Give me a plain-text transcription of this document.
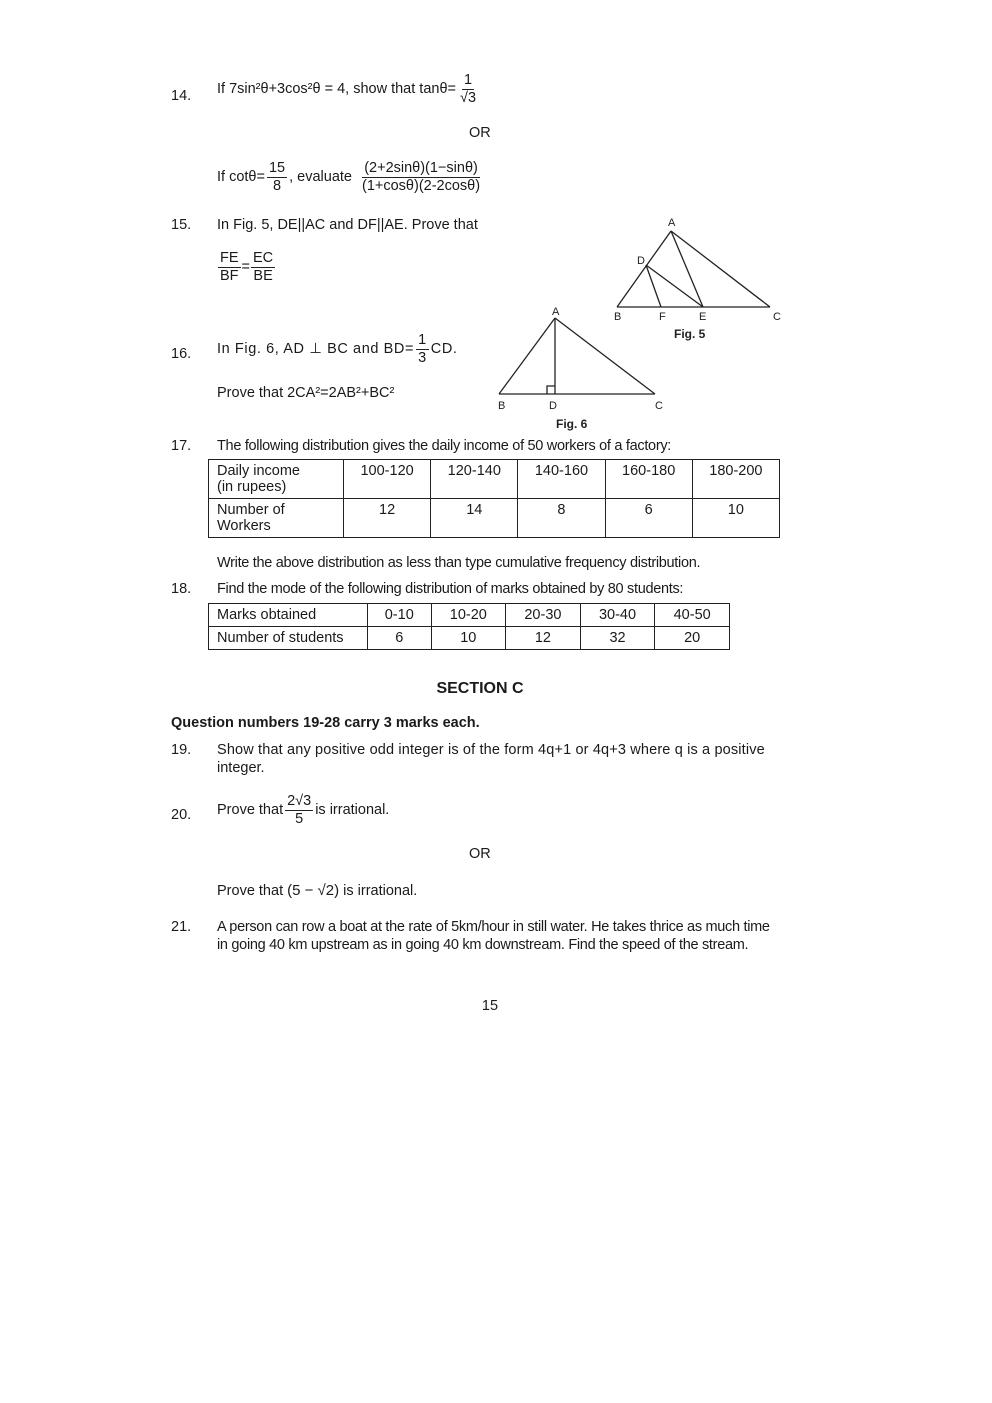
14. If 7sin²θ+3cos²θ = 4, show that $\tan\theta= \frac{1}{√3}$
OR
If $\cot\theta= \frac{15}{8}$ , evaluate $\frac{(2+2\sin\theta)(1-\sin\theta)}{(1+\cos\theta)(2-2\cos\theta)}$
15. In Fig. 5, DE||AC and DF||AE. Prove that
$\frac{FE}{BF} = \frac{EC}{BE}$
A
D
B	F	E	C
Fig. 5
16. In Fig. 6, AD ⊥ BC and $BD= \frac{1}{3}$ CD.
Prove that 2CA²=2AB²+BC²
A
B	D	C
Fig. 6
17. The following distribution gives the daily income of 50 workers of a factory:
Daily income
(in rupees)	100-120	120-140	140-160	160-180	180-200
Number of
Workers	12	14	8	6	10
Write the above distribution as less than type cumulative frequency distribution.
18. Find the mode of the following distribution of marks obtained by 80 students:
Marks obtained	0-10	10-20	20-30	30-40	40-50
Number of students	6	10	12	32	20
SECTION C
Question numbers 19-28 carry 3 marks each.
19. Show that any positive odd integer is of the form 4q+1 or 4q+3 where q is a positive
integer.
20. Prove that $\frac{2√3}{5}$ is irrational.
OR
Prove that (5 − √2) is irrational.
21. A person can row a boat at the rate of 5km/hour in still water. He takes thrice as much time
in going 40 km upstream as in going 40 km downstream. Find the speed of the stream.
15
